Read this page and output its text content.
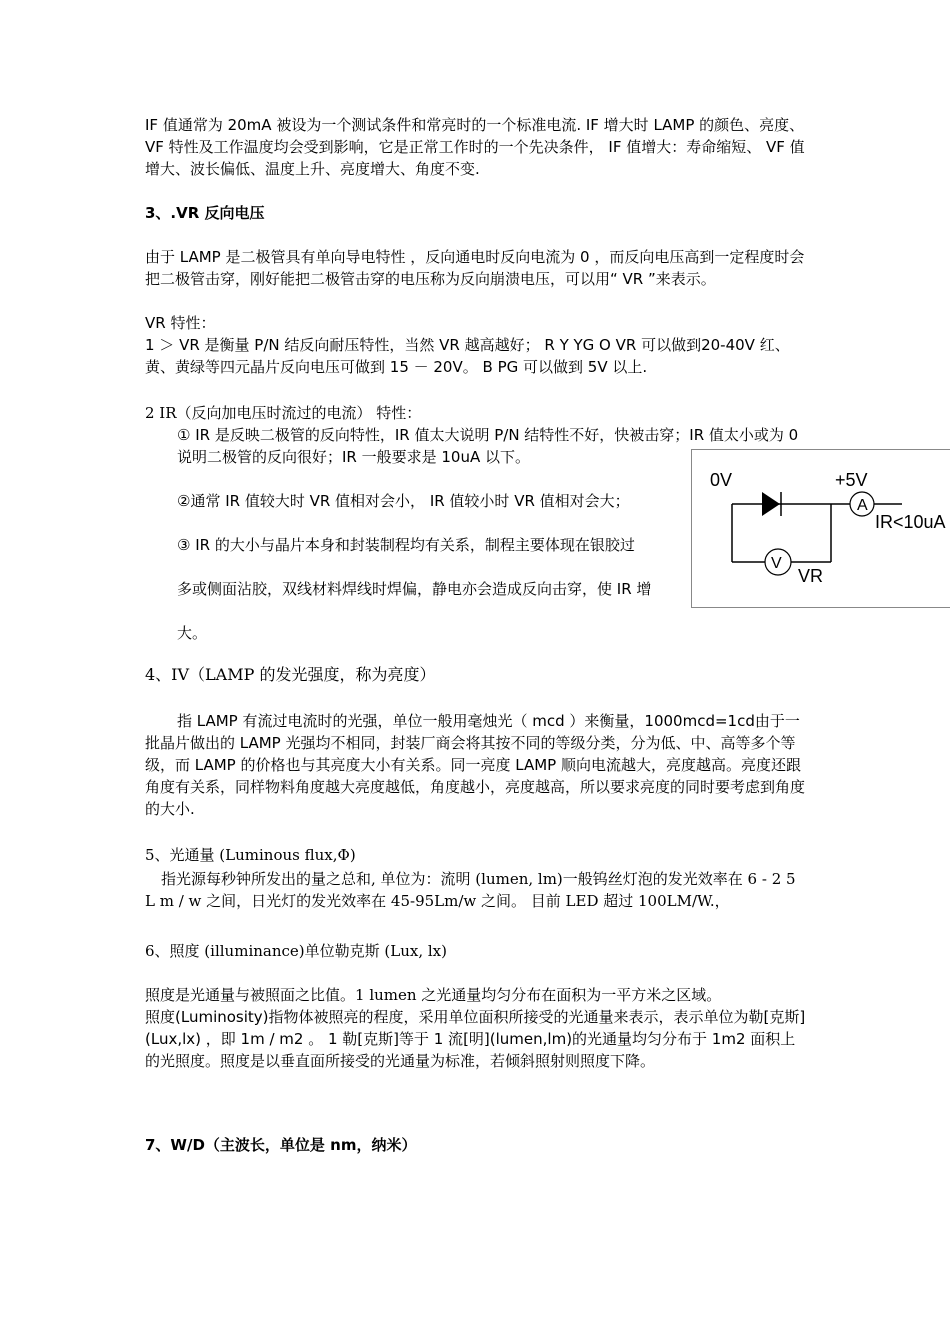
IF 值通常为 20mA 被设为一个测试条件和常亮时的一个标准电流. IF 增大时 LAMP 的颜色、亮度、 VF 特性及工作温度均会受到影响，它是正常工作时的一个先决条件， IF 值增大：寿命缩短、 VF 值增大、波长偏低、温度上升、亮度增大、角度不变.

3、.VR 反向电压

由于 LAMP 是二极管具有单向导电特性 ，反向通电时反向电流为 0 ，而反向电压高到一定程度时会把二极管击穿，刚好能把二极管击穿的电压称为反向崩溃电压，可以用“ VR ”来表示。

VR 特性：

1 ＞ VR 是衡量 P/N 结反向耐压特性，当然 VR 越高越好； R Y YG O VR 可以做到20-40V 红、黄、黄绿等四元晶片反向电压可做到 15 － 20V。 B PG 可以做到 5V 以上.

2 IR（反向加电压时流过的电流） 特性：

① IR 是反映二极管的反向特性，IR 值太大说明 P/N 结特性不好，快被击穿；IR 值太小或为 0 说明二极管的反向很好；IR 一般要求是 10uA 以下。

②通常 IR 值较大时 VR 值相对会小， IR 值较小时 VR 值相对会大；

③ IR 的大小与晶片本身和封装制程均有关系，制程主要体现在银胶过

多或侧面沾胶，双线材料焊线时焊偏，静电亦会造成反向击穿，使 IR 增

大。

0V	+5V
A
IR<10uA
V
VR

4、IV（LAMP 的发光强度，称为亮度）

指 LAMP 有流过电流时的光强，单位一般用毫烛光（ mcd ）来衡量，1000mcd=1cd由于一批晶片做出的 LAMP 光强均不相同，封装厂商会将其按不同的等级分类，分为低、中、高等多个等级，而 LAMP 的价格也与其亮度大小有关系。同一亮度 LAMP 顺向电流越大，亮度越高。亮度还跟角度有关系，同样物料角度越大亮度越低，角度越小，亮度越高，所以要求亮度的同时要考虑到角度的大小.

5、光通量 (Luminous flux,Φ)

指光源每秒钟所发出的量之总和, 单位为：流明 (lumen, lm)一般钨丝灯泡的发光效率在 6 - 2 5 L m / w 之间，日光灯的发光效率在 45-95Lm/w 之间。 目前 LED 超过 100LM/W.，

6、照度 (illuminance)单位勒克斯 (Lux, lx)

照度是光通量与被照面之比值。1 lumen 之光通量均匀分布在面积为一平方米之区域。

照度(Luminosity)指物体被照亮的程度，采用单位面积所接受的光通量来表示，表示单位为勒[克斯](Lux,lx) ，即 1m / m2 。 1 勒[克斯]等于 1 流[明](lumen,lm)的光通量均匀分布于 1m2 面积上的光照度。照度是以垂直面所接受的光通量为标准，若倾斜照射则照度下降。

7、W/D（主波长，单位是 nm，纳米）
